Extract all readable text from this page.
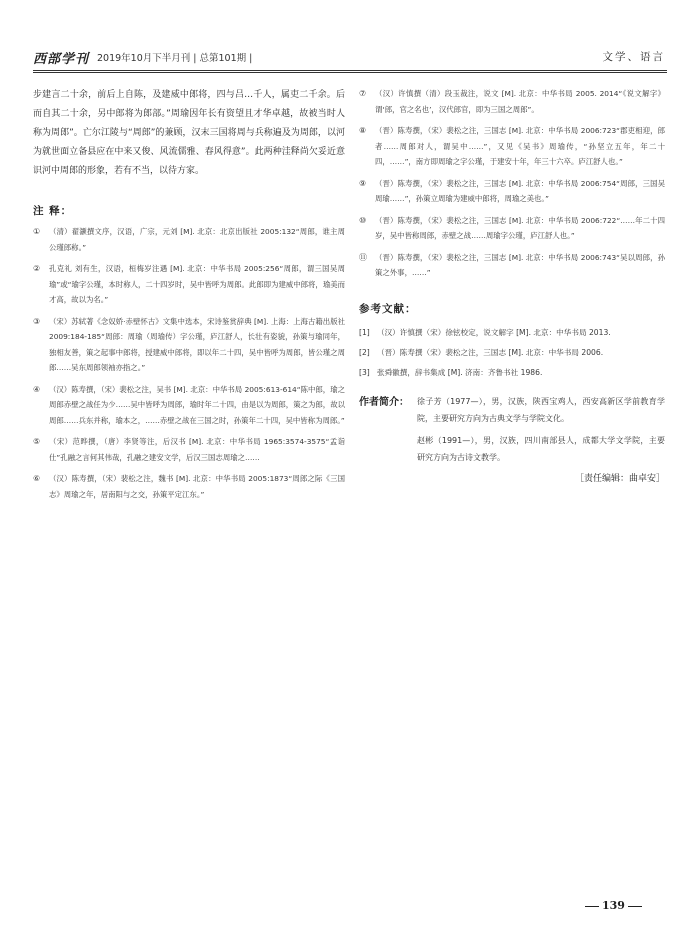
西部学刊 2019年10月下半月刊 | 总第101期 |	文学、语言

步建言二十余，前后上自陈，及建威中郎将，四与吕…千人，属吏二千余。后而自其二十余，另中郎将为郎部。”周瑜因年长有资望且才华卓越，故被当时人称为周郎”。亡尔江陵与“周郎”的兼顾，汉末三国将周与兵称遍及为周郎，以河为就世面立备县应在中来又俊、风流儒雅、春风得意”。此两种洼释尚欠妥近意识河中周郎的形象，若有不当，以待方家。

注 释：

① （清）翟灏撰文序，汉语，广宗，元刘 [M]. 北京：北京出版社 2005:132“周郎，谁主周公瑾郎称。”

② 孔克礼 刘有生，汉语，桓梅岁注遇 [M]. 北京：中华书局 2005:256“周郎，谓三国吴周瑜”或“瑜字公瑾，本时称人，二十四岁时，吴中皆呼为周郎。此郎即为建威中郎将，瑜美而才高，故以为名。”

③ （宋）苏轼著《念奴娇·赤壁怀古》文集中选本，宋诗鉴赏辞典 [M]. 上海：上海古籍出版社 2009:184-185“周郎：周瑜（周瑜传）字公瑾，庐江舒人，长壮有姿貌，孙策与瑜同年，独相友善，策之起事中郎将，授建威中郎将，即以年二十四，吴中皆呼为周郎，皆公瑾之周郎……吴东周郎领袖亦指之。”

④ （汉）陈寿撰，（宋）裴松之注，吴书 [M]. 北京：中华书局 2005:613-614“陈中郎，瑜之周郎赤壁之战任为少……吴中皆呼为周郎，瑜时年二十四，由是以为周郎，策之为郎，故以周郎……兵东并称，瑜本之，……赤壁之战在三国之时，孙策年二十四，吴中皆称为周郎。”

⑤ （宋）范晔撰，（唐）李贤等注，后汉书 [M]. 北京：中华书局 1965:3574-3575“孟诣仕”孔融之言何其伟哉，孔融之建安文学，后汉三国志周瑜之……

⑥ （汉）陈寿撰，（宋）裴松之注，魏书 [M]. 北京：中华书局 2005:1873“周郎之际《三国志》周瑜之年，居南阳与之交，孙策平定江东。”

⑦ （汉）许慎撰（清）段玉裁注，说文 [M]. 北京：中华书局 2005. 2014“《说文解字》 谓‘郎，官之名也’，汉代郎官，即为三国之周郎”。

⑧ （晋）陈寿撰，（宋）裴松之注，三国志 [M]. 北京：中华书局 2006:723“郡吏相迎，郎者……周郎对人，谓吴中……”，又见《吴书》周瑜传，“孙坚立五年，年二十四，……”，南方即周瑜之字公瑾，于建安十年，年三十六卒。庐江舒人也。”

⑨ （晋）陈寿撰，（宋）裴松之注，三国志 [M]. 北京：中华书局 2006:754“周郎，三国吴周瑜……”，孙策立周瑜为建威中郎将，周瑜之美也。”

⑩ （晋）陈寿撰，（宋）裴松之注，三国志 [M]. 北京：中华书局 2006:722“……年二十四岁，吴中皆称周郎，赤壁之战……周瑜字公瑾，庐江舒人也。”

⑪ （晋）陈寿撰，（宋）裴松之注，三国志 [M]. 北京：中华书局 2006:743“吴以周郎，孙策之外事，……”

参考文献：

[1] （汉）许慎撰（宋）徐铉校定，说文解字 [M]. 北京：中华书局 2013.

[2] （晋）陈寿撰（宋）裴松之注，三国志 [M]. 北京：中华书局 2006.

[3] 张舜徽撰，辞书集成 [M]. 济南：齐鲁书社 1986.

作者简介： 徐子芳（1977—），男，汉族，陕西宝鸡人，西安高新区学前教育学院，主要研究方向为古典文学与学院文化。

赵彬（1991—），男，汉族，四川南部县人，成都大学文学院，主要研究方向为古诗文教学。

［责任编辑：曲卓安］
139
